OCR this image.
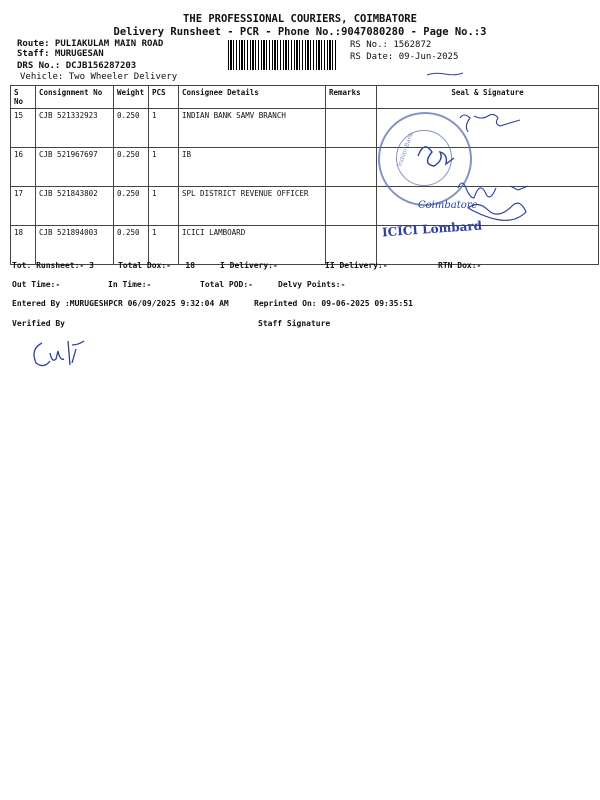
THE PROFESSIONAL COURIERS, COIMBATORE
Delivery Runsheet - PCR - Phone No.:9047080280 - Page No.:3
Route: PULIAKULAM MAIN ROAD
Staff: MURUGESAN
DRS No.: DCJB156287203
Vehicle: Two Wheeler Delivery
RS No.: 1562872
RS Date: 09-Jun-2025
S No	Consignment No	Weight	PCS	Consignee Details	Remarks	Seal & Signature
15	CJB 521332923	0.250	1	INDIAN BANK SAMV BRANCH		
16	CJB 521967697	0.250	1	IB		
17	CJB 521843802	0.250	1	SPL DISTRICT REVENUE OFFICER		
18	CJB 521894003	0.250	1	ICICI LAMBOARD		
Indian Bank
Coimbatore
ICICI Lombard
Tot. Runsheet:- 3	Total Dox:-   18	I Delivery:-	II Delivery:-	RTN Dox:-
Out Time:-	In Time:-	Total POD:-	Delvy Points:-
Entered By :MURUGESHPCR 06/09/2025 9:32:04 AM	Reprinted On: 09-06-2025 09:35:51
Verified By	Staff Signature
